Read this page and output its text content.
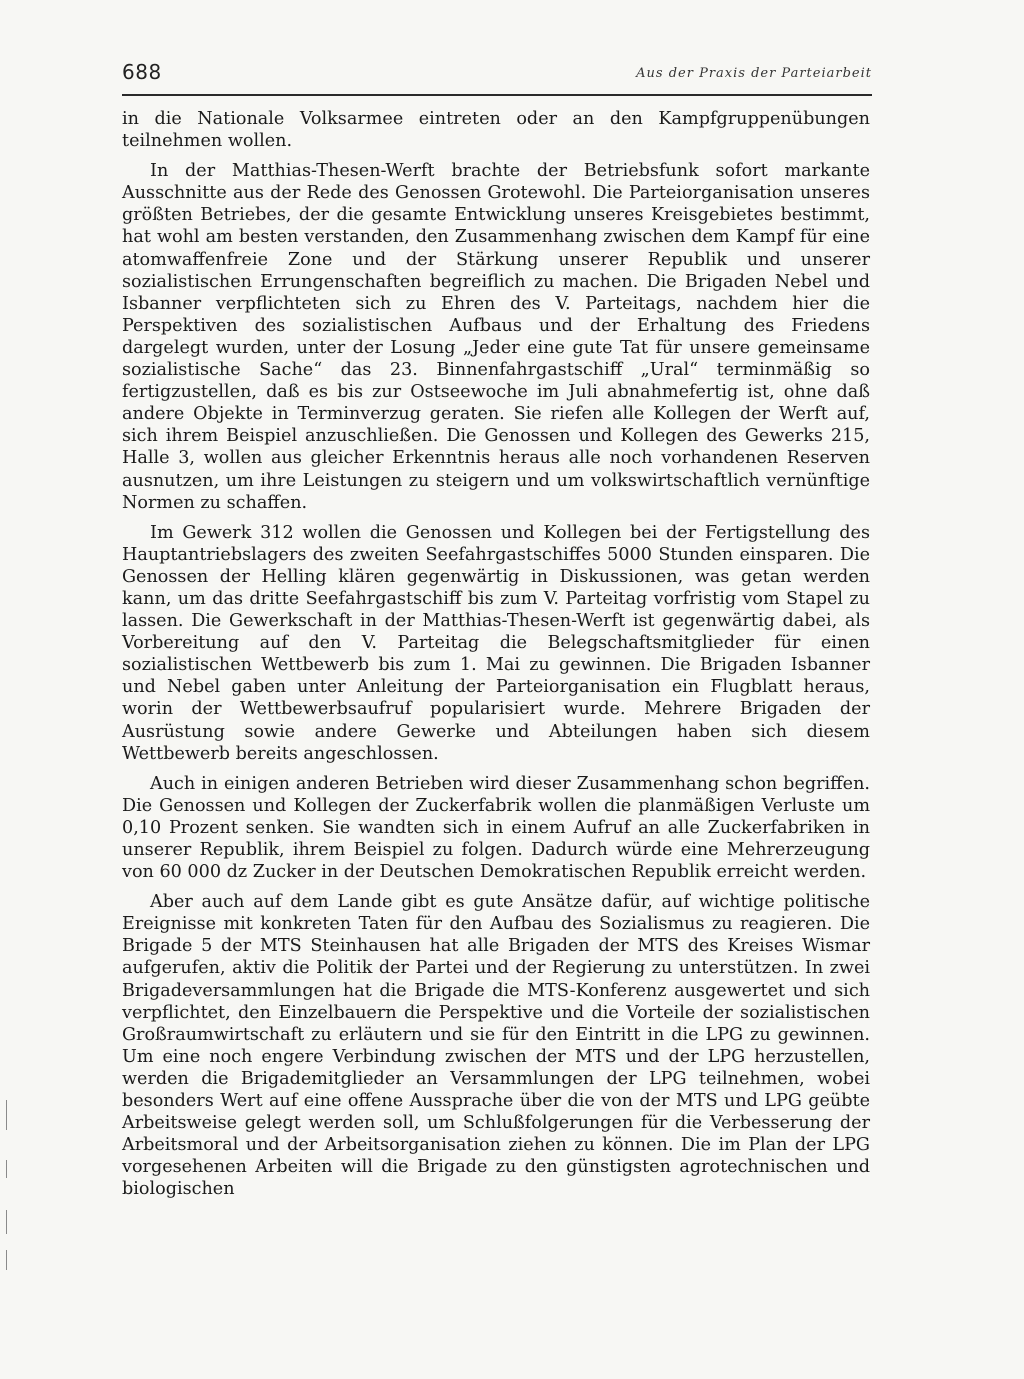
688	Aus der Praxis der Parteiarbeit

in die Nationale Volksarmee eintreten oder an den Kampfgruppenübungen teilnehmen wollen.

In der Matthias-Thesen-Werft brachte der Betriebsfunk sofort markante Ausschnitte aus der Rede des Genossen Grotewohl. Die Parteiorganisation unseres größten Betriebes, der die gesamte Entwicklung unseres Kreisgebietes bestimmt, hat wohl am besten verstanden, den Zusammenhang zwischen dem Kampf für eine atomwaffenfreie Zone und der Stärkung unserer Republik und unserer sozialistischen Errungenschaften begreiflich zu machen. Die Brigaden Nebel und Isbanner verpflichteten sich zu Ehren des V. Parteitags, nachdem hier die Perspektiven des sozialistischen Aufbaus und der Erhaltung des Friedens dargelegt wurden, unter der Losung „Jeder eine gute Tat für unsere gemeinsame sozialistische Sache“ das 23. Binnenfahrgastschiff „Ural“ terminmäßig so fertigzustellen, daß es bis zur Ostseewoche im Juli abnahmefertig ist, ohne daß andere Objekte in Terminverzug geraten. Sie riefen alle Kollegen der Werft auf, sich ihrem Beispiel anzuschließen. Die Genossen und Kollegen des Gewerks 215, Halle 3, wollen aus gleicher Erkenntnis heraus alle noch vorhandenen Reserven ausnutzen, um ihre Leistungen zu steigern und um volkswirtschaftlich vernünftige Normen zu schaffen.

Im Gewerk 312 wollen die Genossen und Kollegen bei der Fertigstellung des Hauptantriebslagers des zweiten Seefahrgastschiffes 5000 Stunden einsparen. Die Genossen der Helling klären gegenwärtig in Diskussionen, was getan werden kann, um das dritte Seefahrgastschiff bis zum V. Parteitag vorfristig vom Stapel zu lassen. Die Gewerkschaft in der Matthias-Thesen-Werft ist gegenwärtig dabei, als Vorbereitung auf den V. Parteitag die Belegschaftsmitglieder für einen sozialistischen Wettbewerb bis zum 1. Mai zu gewinnen. Die Brigaden Isbanner und Nebel gaben unter Anleitung der Parteiorganisation ein Flugblatt heraus, worin der Wettbewerbsaufruf popularisiert wurde. Mehrere Brigaden der Ausrüstung sowie andere Gewerke und Abteilungen haben sich diesem Wettbewerb bereits angeschlossen.

Auch in einigen anderen Betrieben wird dieser Zusammenhang schon begriffen. Die Genossen und Kollegen der Zuckerfabrik wollen die planmäßigen Verluste um 0,10 Prozent senken. Sie wandten sich in einem Aufruf an alle Zuckerfabriken in unserer Republik, ihrem Beispiel zu folgen. Dadurch würde eine Mehrerzeugung von 60 000 dz Zucker in der Deutschen Demokratischen Republik erreicht werden.

Aber auch auf dem Lande gibt es gute Ansätze dafür, auf wichtige politische Ereignisse mit konkreten Taten für den Aufbau des Sozialismus zu reagieren. Die Brigade 5 der MTS Steinhausen hat alle Brigaden der MTS des Kreises Wismar aufgerufen, aktiv die Politik der Partei und der Regierung zu unterstützen. In zwei Brigadeversammlungen hat die Brigade die MTS-Konferenz ausgewertet und sich verpflichtet, den Einzelbauern die Perspektive und die Vorteile der sozialistischen Großraumwirtschaft zu erläutern und sie für den Eintritt in die LPG zu gewinnen. Um eine noch engere Verbindung zwischen der MTS und der LPG herzustellen, werden die Brigademitglieder an Versammlungen der LPG teilnehmen, wobei besonders Wert auf eine offene Aussprache über die von der MTS und LPG geübte Arbeitsweise gelegt werden soll, um Schlußfolgerungen für die Verbesserung der Arbeitsmoral und der Arbeitsorganisation ziehen zu können. Die im Plan der LPG vorgesehenen Arbeiten will die Brigade zu den günstigsten agrotechnischen und biologischen
